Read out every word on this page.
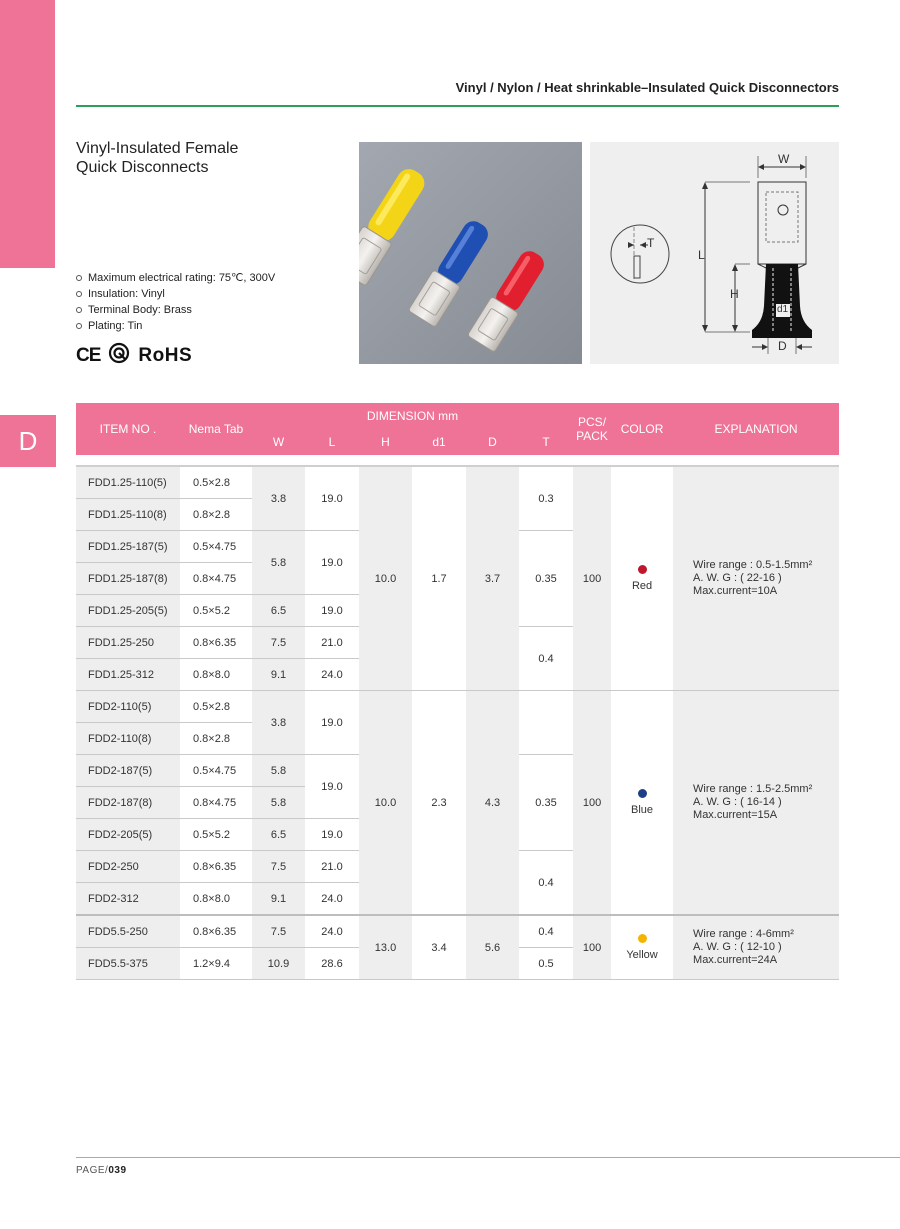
D
Vinyl / Nylon / Heat shrinkable–Insulated Quick Disconnectors
Vinyl-Insulated Female
Quick Disconnects
Maximum electrical rating: 75℃, 300V
Insulation: Vinyl
Terminal Body: Brass
Plating: Tin
CE RoHS
W
T
L
H
d1
D
ITEM NO .	Nema Tab	DIMENSION mm						PCS/
PACK	COLOR	EXPLANATION
		W	L	H	d1	D	T			

FDD1.25-110(5)	0.5×2.8	3.8	19.0	10.0	1.7	3.7	0.3	100	Red	Wire range : 0.5-1.5mm²
A. W. G : ( 22-16 )
Max.current=10A

FDD1.25-110(8)	0.8×2.8									
FDD1.25-187(5)	0.5×4.75	5.8	19.0				0.35			
FDD1.25-187(8)	0.8×4.75									
FDD1.25-205(5)	0.5×5.2	6.5	19.0							
FDD1.25-250	0.8×6.35	7.5	21.0				0.4			
FDD1.25-312	0.8×8.0	9.1	24.0							
FDD2-110(5)	0.5×2.8	3.8	19.0	10.0	2.3	4.3		100	Blue	Wire range : 1.5-2.5mm²
A. W. G : ( 16-14 )
Max.current=15A

FDD2-110(8)	0.8×2.8									
FDD2-187(5)	0.5×4.75	5.8	19.0				0.35			
FDD2-187(8)	0.8×4.75	5.8								
FDD2-205(5)	0.5×5.2	6.5	19.0							
FDD2-250	0.8×6.35	7.5	21.0				0.4			
FDD2-312	0.8×8.0	9.1	24.0							
FDD5.5-250	0.8×6.35	7.5	24.0	13.0	3.4	5.6	0.4	100	Yellow	Wire range : 4-6mm²
A. W. G : ( 12-10 )
Max.current=24A

FDD5.5-375	1.2×9.4	10.9	28.6				0.5			
PAGE/039
